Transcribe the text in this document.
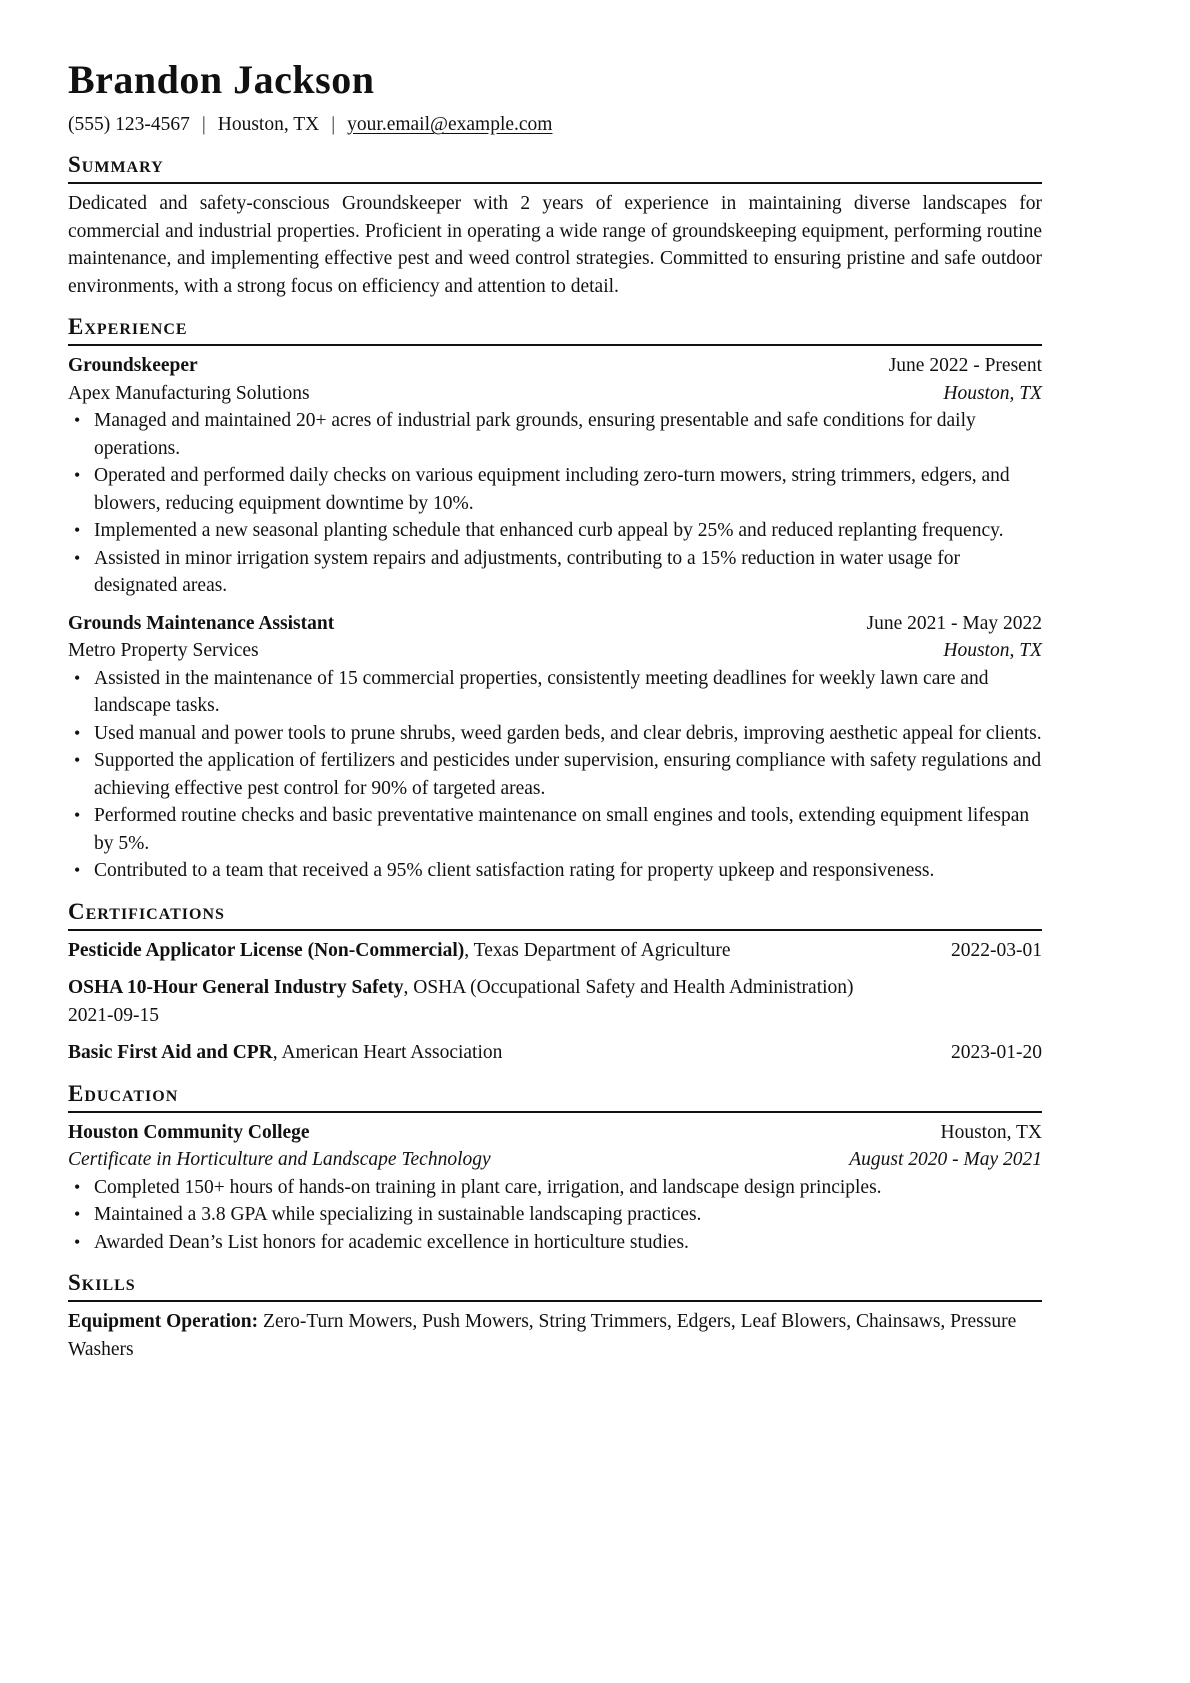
Brandon Jackson
(555) 123-4567 | Houston, TX | your.email@example.com
Summary

Dedicated and safety-conscious Groundskeeper with 2 years of experience in maintaining diverse landscapes for commercial and industrial properties. Proficient in operating a wide range of groundskeeping equipment, performing routine maintenance, and implementing effective pest and weed control strategies. Committed to ensuring pristine and safe outdoor environments, with a strong focus on efficiency and attention to detail.

Experience
Groundskeeper	June 2022 - Present
Apex Manufacturing Solutions	Houston, TX
• Managed and maintained 20+ acres of industrial park grounds, ensuring presentable and safe conditions for daily operations.
• Operated and performed daily checks on various equipment including zero-turn mowers, string trimmers, edgers, and blowers, reducing equipment downtime by 10%.
• Implemented a new seasonal planting schedule that enhanced curb appeal by 25% and reduced replanting frequency.
• Assisted in minor irrigation system repairs and adjustments, contributing to a 15% reduction in water usage for designated areas.
Grounds Maintenance Assistant	June 2021 - May 2022
Metro Property Services	Houston, TX
• Assisted in the maintenance of 15 commercial properties, consistently meeting deadlines for weekly lawn care and landscape tasks.
• Used manual and power tools to prune shrubs, weed garden beds, and clear debris, improving aesthetic appeal for clients.
• Supported the application of fertilizers and pesticides under supervision, ensuring compliance with safety regulations and achieving effective pest control for 90% of targeted areas.
• Performed routine checks and basic preventative maintenance on small engines and tools, extending equipment lifespan by 5%.
• Contributed to a team that received a 95% client satisfaction rating for property upkeep and responsiveness.
Certifications
Pesticide Applicator License (Non-Commercial), Texas Department of Agriculture	2022-03-01
OSHA 10-Hour General Industry Safety, OSHA (Occupational Safety and Health Administration)
2021-09-15
Basic First Aid and CPR, American Heart Association	2023-01-20
Education
Houston Community College	Houston, TX
Certificate in Horticulture and Landscape Technology	August 2020 - May 2021
• Completed 150+ hours of hands-on training in plant care, irrigation, and landscape design principles.
• Maintained a 3.8 GPA while specializing in sustainable landscaping practices.
• Awarded Dean’s List honors for academic excellence in horticulture studies.
Skills
Equipment Operation: Zero-Turn Mowers, Push Mowers, String Trimmers, Edgers, Leaf Blowers, Chainsaws, Pressure Washers
